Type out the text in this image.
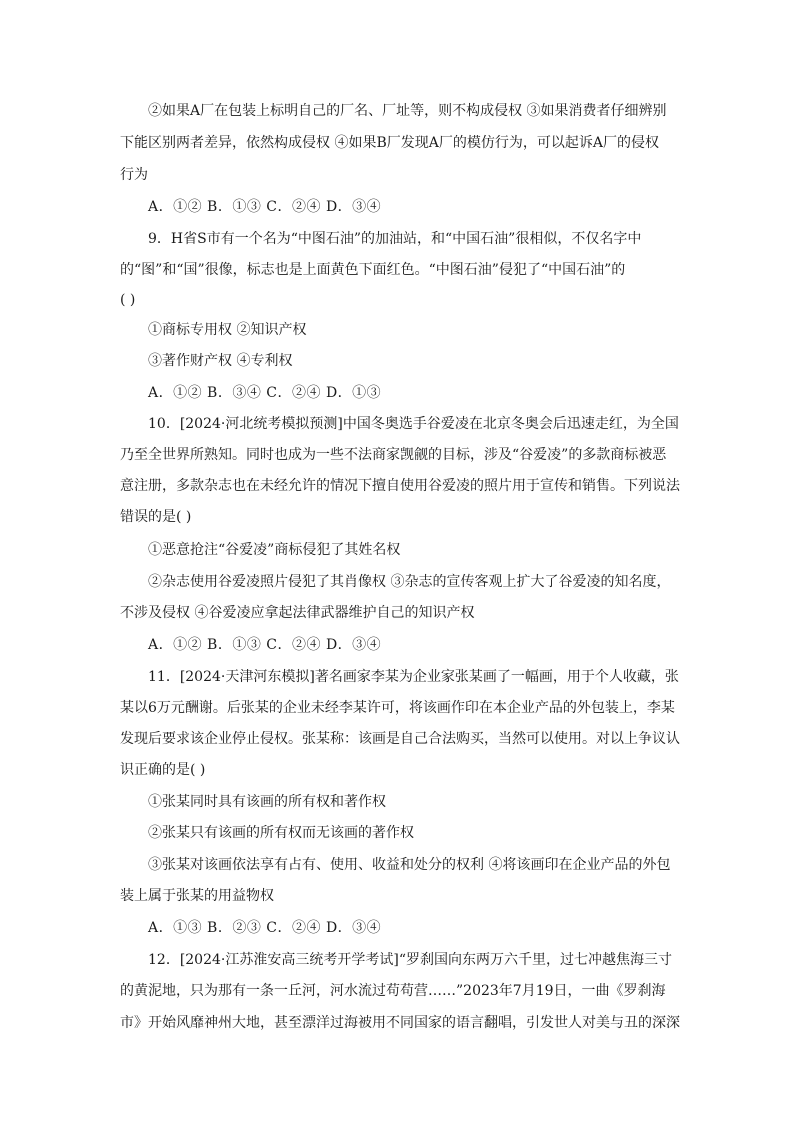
②如果A厂在包装上标明自己的厂名、厂址等，则不构成侵权 ③如果消费者仔细辨别
下能区别两者差异，依然构成侵权 ④如果B厂发现A厂的模仿行为，可以起诉A厂的侵权
行为
A．①② B．①③ C．②④ D．③④
9．H省S市有一个名为“中图石油”的加油站，和“中国石油”很相似，不仅名字中
的“图”和“国”很像，标志也是上面黄色下面红色。“中图石油”侵犯了“中国石油”的
( )
①商标专用权 ②知识产权
③著作财产权 ④专利权
A．①② B．③④ C．②④ D．①③
10．[2024·河北统考模拟预测]中国冬奥选手谷爱凌在北京冬奥会后迅速走红，为全国
乃至全世界所熟知。同时也成为一些不法商家觊觎的目标，涉及“谷爱凌”的多款商标被恶
意注册，多款杂志也在未经允许的情况下擅自使用谷爱凌的照片用于宣传和销售。下列说法
错误的是( )
①恶意抢注“谷爱凌”商标侵犯了其姓名权
②杂志使用谷爱凌照片侵犯了其肖像权 ③杂志的宣传客观上扩大了谷爱凌的知名度，
不涉及侵权 ④谷爱凌应拿起法律武器维护自己的知识产权
A．①② B．①③ C．②④ D．③④
11．[2024·天津河东模拟]著名画家李某为企业家张某画了一幅画，用于个人收藏，张
某以6万元酬谢。后张某的企业未经李某许可，将该画作印在本企业产品的外包装上，李某
发现后要求该企业停止侵权。张某称：该画是自己合法购买，当然可以使用。对以上争议认
识正确的是( )
①张某同时具有该画的所有权和著作权
②张某只有该画的所有权而无该画的著作权
③张某对该画依法享有占有、使用、收益和处分的权利 ④将该画印在企业产品的外包
装上属于张某的用益物权
A．①③ B．②③ C．②④ D．③④
12．[2024·江苏淮安高三统考开学考试]“罗刹国向东两万六千里，过七冲越焦海三寸
的黄泥地，只为那有一条一丘河，河水流过苟苟营……”2023年7月19日，一曲《罗刹海
市》开始风靡神州大地，甚至漂洋过海被用不同国家的语言翻唱，引发世人对美与丑的深深
